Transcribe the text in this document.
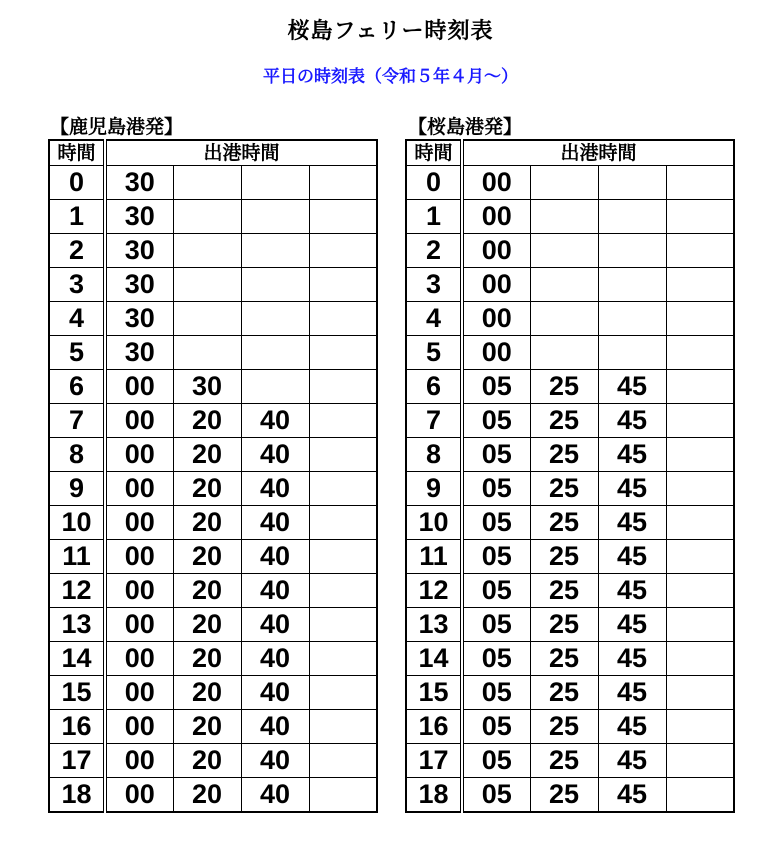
桜島フェリー時刻表
平日の時刻表（令和５年４月～）
【鹿児島港発】	【桜島港発】
時間	出港時間			
0	30			
1	30			
2	30			
3	30			
4	30			
5	30			
6	00	30		
7	00	20	40	
8	00	20	40	
9	00	20	40	
10	00	20	40	
11	00	20	40	
12	00	20	40	
13	00	20	40	
14	00	20	40	
15	00	20	40	
16	00	20	40	
17	00	20	40	
18	00	20	40	
時間	出港時間			
0	00			
1	00			
2	00			
3	00			
4	00			
5	00			
6	05	25	45	
7	05	25	45	
8	05	25	45	
9	05	25	45	
10	05	25	45	
11	05	25	45	
12	05	25	45	
13	05	25	45	
14	05	25	45	
15	05	25	45	
16	05	25	45	
17	05	25	45	
18	05	25	45	
